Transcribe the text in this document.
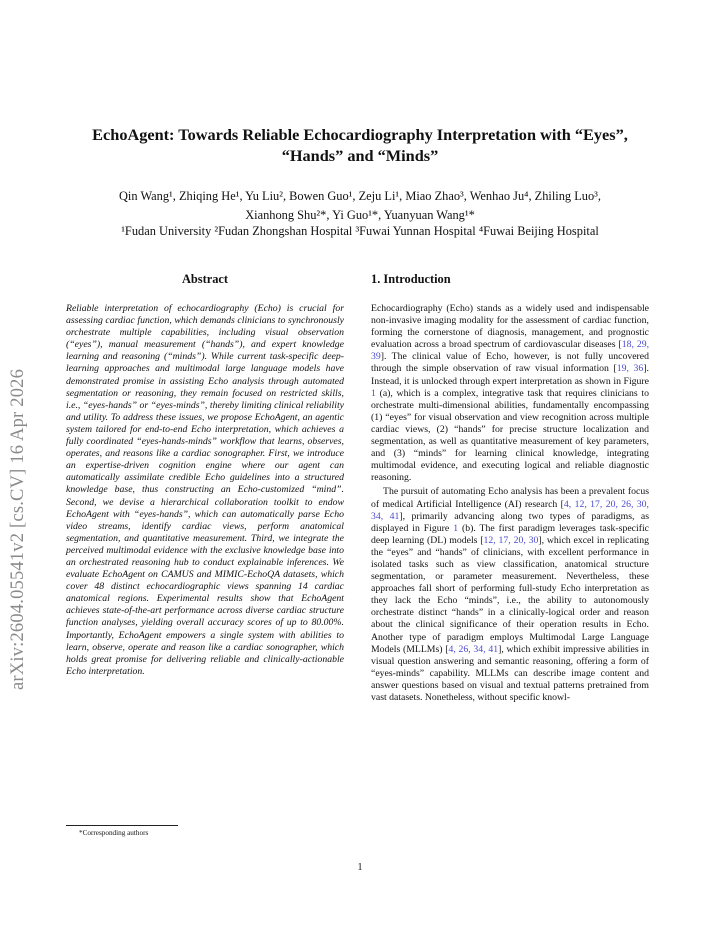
arXiv:2604.05541v2 [cs.CV] 16 Apr 2026
EchoAgent: Towards Reliable Echocardiography Interpretation with “Eyes”,
“Hands” and “Minds”
Qin Wang¹, Zhiqing He¹, Yu Liu², Bowen Guo¹, Zeju Li¹, Miao Zhao³, Wenhao Ju⁴, Zhiling Luo³,
Xianhong Shu²*, Yi Guo¹*, Yuanyuan Wang¹*
¹Fudan University ²Fudan Zhongshan Hospital ³Fuwai Yunnan Hospital ⁴Fuwai Beijing Hospital
Abstract

Reliable interpretation of echocardiography (Echo) is crucial for assessing cardiac function, which demands clinicians to synchronously orchestrate multiple capabilities, including visual observation (“eyes”), manual measurement (“hands”), and expert knowledge learning and reasoning (“minds”). While current task-specific deep-learning approaches and multimodal large language models have demonstrated promise in assisting Echo analysis through automated segmentation or reasoning, they remain focused on restricted skills, i.e., “eyes-hands” or “eyes-minds”, thereby limiting clinical reliability and utility. To address these issues, we propose EchoAgent, an agentic system tailored for end-to-end Echo interpretation, which achieves a fully coordinated “eyes-hands-minds” workflow that learns, observes, operates, and reasons like a cardiac sonographer. First, we introduce an expertise-driven cognition engine where our agent can automatically assimilate credible Echo guidelines into a structured knowledge base, thus constructing an Echo-customized “mind”. Second, we devise a hierarchical collaboration toolkit to endow EchoAgent with “eyes-hands”, which can automatically parse Echo video streams, identify cardiac views, perform anatomical segmentation, and quantitative measurement. Third, we integrate the perceived multimodal evidence with the exclusive knowledge base into an orchestrated reasoning hub to conduct explainable inferences. We evaluate EchoAgent on CAMUS and MIMIC-EchoQA datasets, which cover 48 distinct echocardiographic views spanning 14 cardiac anatomical regions. Experimental results show that EchoAgent achieves state-of-the-art performance across diverse cardiac structure function analyses, yielding overall accuracy scores of up to 80.00%. Importantly, EchoAgent empowers a single system with abilities to learn, observe, operate and reason like a cardiac sonographer, which holds great promise for delivering reliable and clinically-actionable Echo interpretation.

*Corresponding authors
1. Introduction

Echocardiography (Echo) stands as a widely used and indispensable non-invasive imaging modality for the assessment of cardiac function, forming the cornerstone of diagnosis, management, and prognostic evaluation across a broad spectrum of cardiovascular diseases [18, 29, 39]. The clinical value of Echo, however, is not fully uncovered through the simple observation of raw visual information [19, 36]. Instead, it is unlocked through expert interpretation as shown in Figure 1 (a), which is a complex, integrative task that requires clinicians to orchestrate multi-dimensional abilities, fundamentally encompassing (1) “eyes” for visual observation and view recognition across multiple cardiac views, (2) “hands” for precise structure localization and segmentation, as well as quantitative measurement of key parameters, and (3) “minds” for learning clinical knowledge, integrating multimodal evidence, and executing logical and reliable diagnostic reasoning.

The pursuit of automating Echo analysis has been a prevalent focus of medical Artificial Intelligence (AI) research [4, 12, 17, 20, 26, 30, 34, 41], primarily advancing along two types of paradigms, as displayed in Figure 1 (b). The first paradigm leverages task-specific deep learning (DL) models [12, 17, 20, 30], which excel in replicating the “eyes” and “hands” of clinicians, with excellent performance in isolated tasks such as view classification, anatomical structure segmentation, or parameter measurement. Nevertheless, these approaches fall short of performing full-study Echo interpretation as they lack the Echo “minds”, i.e., the ability to autonomously orchestrate distinct “hands” in a clinically-logical order and reason about the clinical significance of their operation results in Echo. Another type of paradigm employs Multimodal Large Language Models (MLLMs) [4, 26, 34, 41], which exhibit impressive abilities in visual question answering and semantic reasoning, offering a form of “eyes-minds” capability. MLLMs can describe image content and answer questions based on visual and textual patterns pretrained from vast datasets. Nonetheless, without specific knowl-

1
